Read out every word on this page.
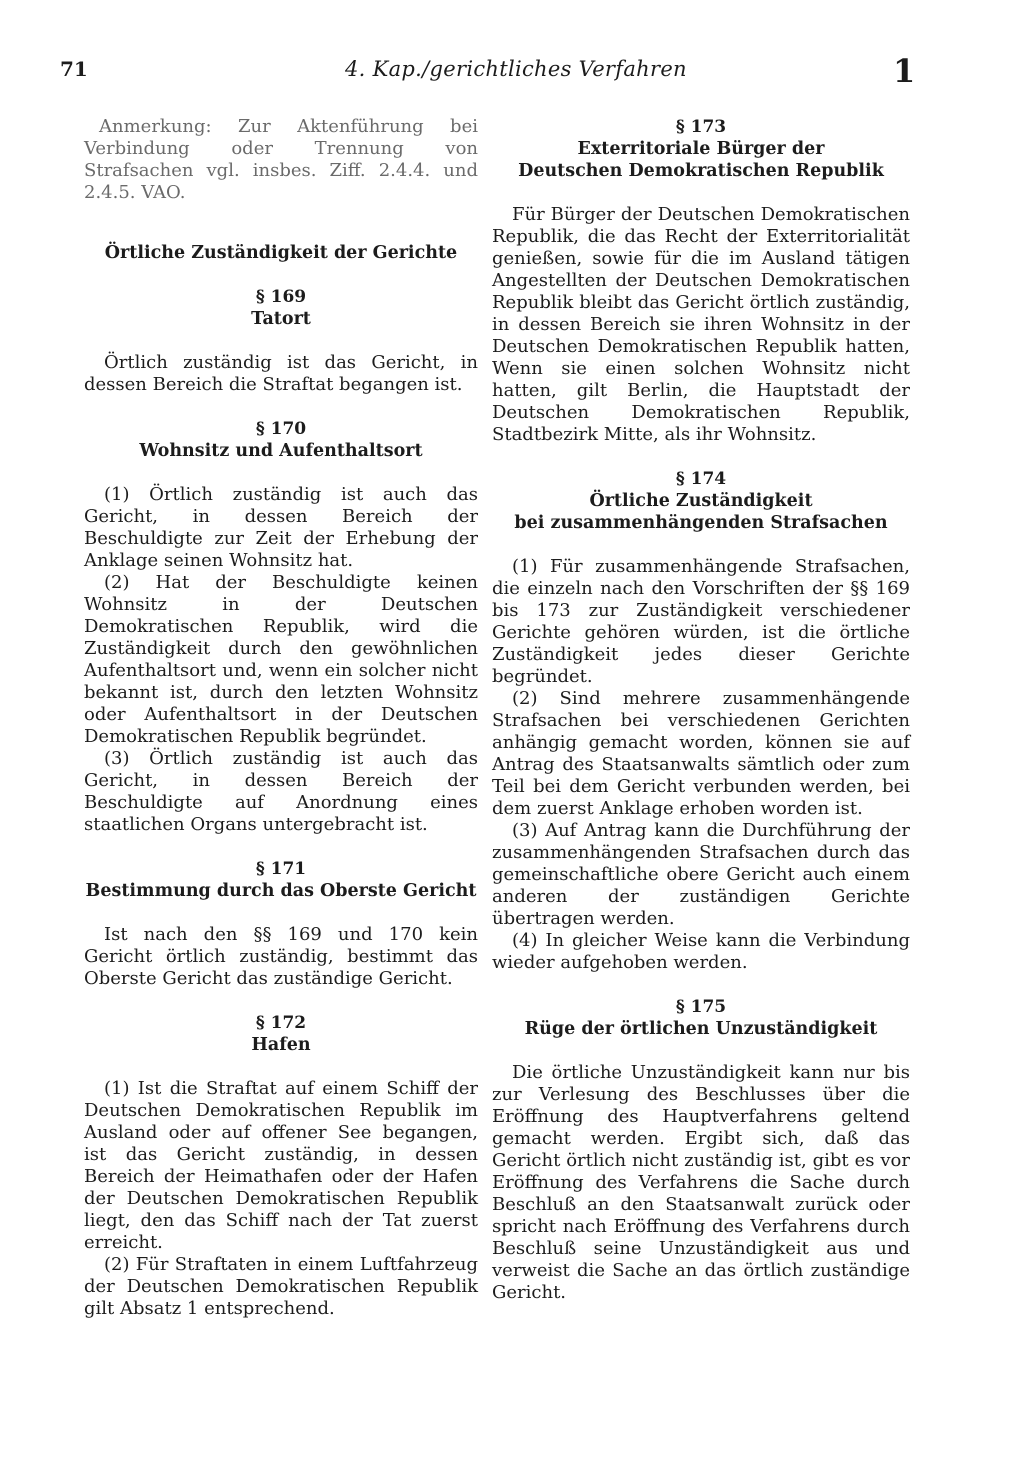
71	4. Kap./gerichtliches Verfahren	1

Anmerkung: Zur Aktenführung bei Verbindung oder Trennung von Strafsachen vgl. insbes. Ziff. 2.4.4. und 2.4.5. VAO.

Örtliche Zuständigkeit der Gerichte

§ 169

Tatort

Örtlich zuständig ist das Gericht, in dessen Bereich die Straftat begangen ist.

§ 170

Wohnsitz und Aufenthaltsort

(1) Örtlich zuständig ist auch das Gericht, in dessen Bereich der Beschuldigte zur Zeit der Erhebung der Anklage seinen Wohnsitz hat.

(2) Hat der Beschuldigte keinen Wohnsitz in der Deutschen Demokratischen Republik, wird die Zuständigkeit durch den gewöhnlichen Aufenthaltsort und, wenn ein solcher nicht bekannt ist, durch den letzten Wohnsitz oder Aufenthaltsort in der Deutschen Demokratischen Republik begründet.

(3) Örtlich zuständig ist auch das Gericht, in dessen Bereich der Beschuldigte auf Anordnung eines staatlichen Organs untergebracht ist.

§ 171

Bestimmung durch das Oberste Gericht

Ist nach den §§ 169 und 170 kein Gericht örtlich zuständig, bestimmt das Oberste Gericht das zuständige Gericht.

§ 172

Hafen

(1) Ist die Straftat auf einem Schiff der Deutschen Demokratischen Republik im Ausland oder auf offener See begangen, ist das Gericht zuständig, in dessen Bereich der Heimathafen oder der Hafen der Deutschen Demokratischen Republik liegt, den das Schiff nach der Tat zuerst erreicht.

(2) Für Straftaten in einem Luftfahrzeug der Deutschen Demokratischen Republik gilt Absatz 1 entsprechend.

§ 173

Exterritoriale Bürger der

Deutschen Demokratischen Republik

Für Bürger der Deutschen Demokratischen Republik, die das Recht der Exterritorialität genießen, sowie für die im Ausland tätigen Angestellten der Deutschen Demokratischen Republik bleibt das Gericht örtlich zuständig, in dessen Bereich sie ihren Wohnsitz in der Deutschen Demokratischen Republik hatten, Wenn sie einen solchen Wohnsitz nicht hatten, gilt Berlin, die Hauptstadt der Deutschen Demokratischen Republik, Stadtbezirk Mitte, als ihr Wohnsitz.

§ 174

Örtliche Zuständigkeit

bei zusammenhängenden Strafsachen

(1) Für zusammenhängende Strafsachen, die einzeln nach den Vorschriften der §§ 169 bis 173 zur Zuständigkeit verschiedener Gerichte gehören würden, ist die örtliche Zuständigkeit jedes dieser Gerichte begründet.

(2) Sind mehrere zusammenhängende Strafsachen bei verschiedenen Gerichten anhängig gemacht worden, können sie auf Antrag des Staatsanwalts sämtlich oder zum Teil bei dem Gericht verbunden werden, bei dem zuerst Anklage erhoben worden ist.

(3) Auf Antrag kann die Durchführung der zusammenhängenden Strafsachen durch das gemeinschaftliche obere Gericht auch einem anderen der zuständigen Gerichte übertragen werden.

(4) In gleicher Weise kann die Verbindung wieder aufgehoben werden.

§ 175

Rüge der örtlichen Unzuständigkeit

Die örtliche Unzuständigkeit kann nur bis zur Verlesung des Beschlusses über die Eröffnung des Hauptverfahrens geltend gemacht werden. Ergibt sich, daß das Gericht örtlich nicht zuständig ist, gibt es vor Eröffnung des Verfahrens die Sache durch Beschluß an den Staatsanwalt zurück oder spricht nach Eröffnung des Verfahrens durch Beschluß seine Unzuständigkeit aus und verweist die Sache an das örtlich zuständige Gericht.
